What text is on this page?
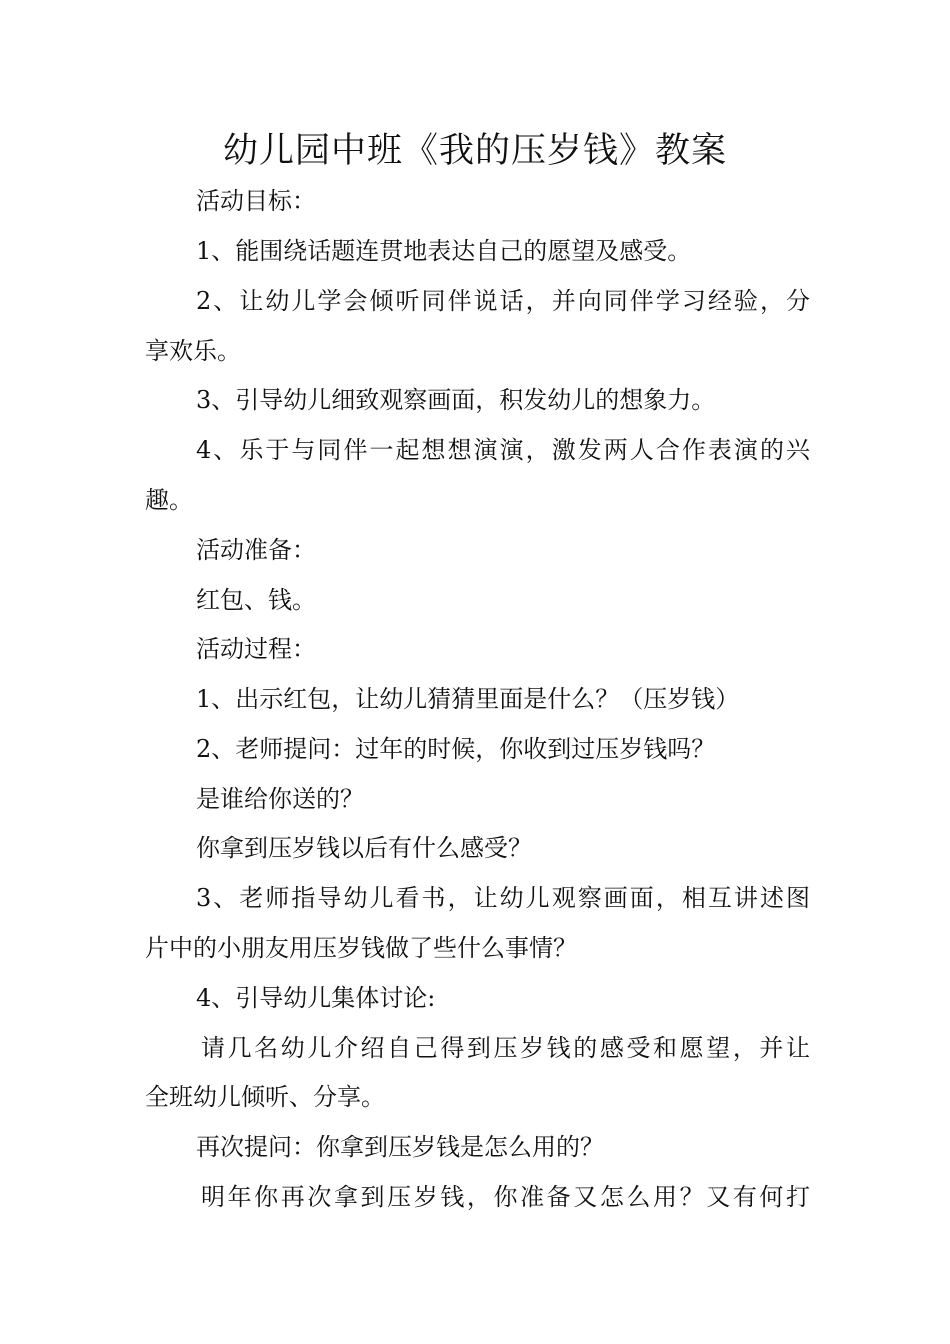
幼儿园中班《我的压岁钱》教案

活动目标：

1、能围绕话题连贯地表达自己的愿望及感受。

2、让幼儿学会倾听同伴说话，并向同伴学习经验，分

享欢乐。

3、引导幼儿细致观察画面，积发幼儿的想象力。

4、乐于与同伴一起想想演演，激发两人合作表演的兴

趣。

活动准备：

红包、钱。

活动过程：

1、出示红包，让幼儿猜猜里面是什么？（压岁钱）

2、老师提问：过年的时候，你收到过压岁钱吗？

是谁给你送的？

你拿到压岁钱以后有什么感受？

3、老师指导幼儿看书，让幼儿观察画面，相互讲述图

片中的小朋友用压岁钱做了些什么事情？

4、引导幼儿集体讨论:

请几名幼儿介绍自己得到压岁钱的感受和愿望，并让

全班幼儿倾听、分享。

再次提问：你拿到压岁钱是怎么用的？

明年你再次拿到压岁钱，你准备又怎么用？又有何打
